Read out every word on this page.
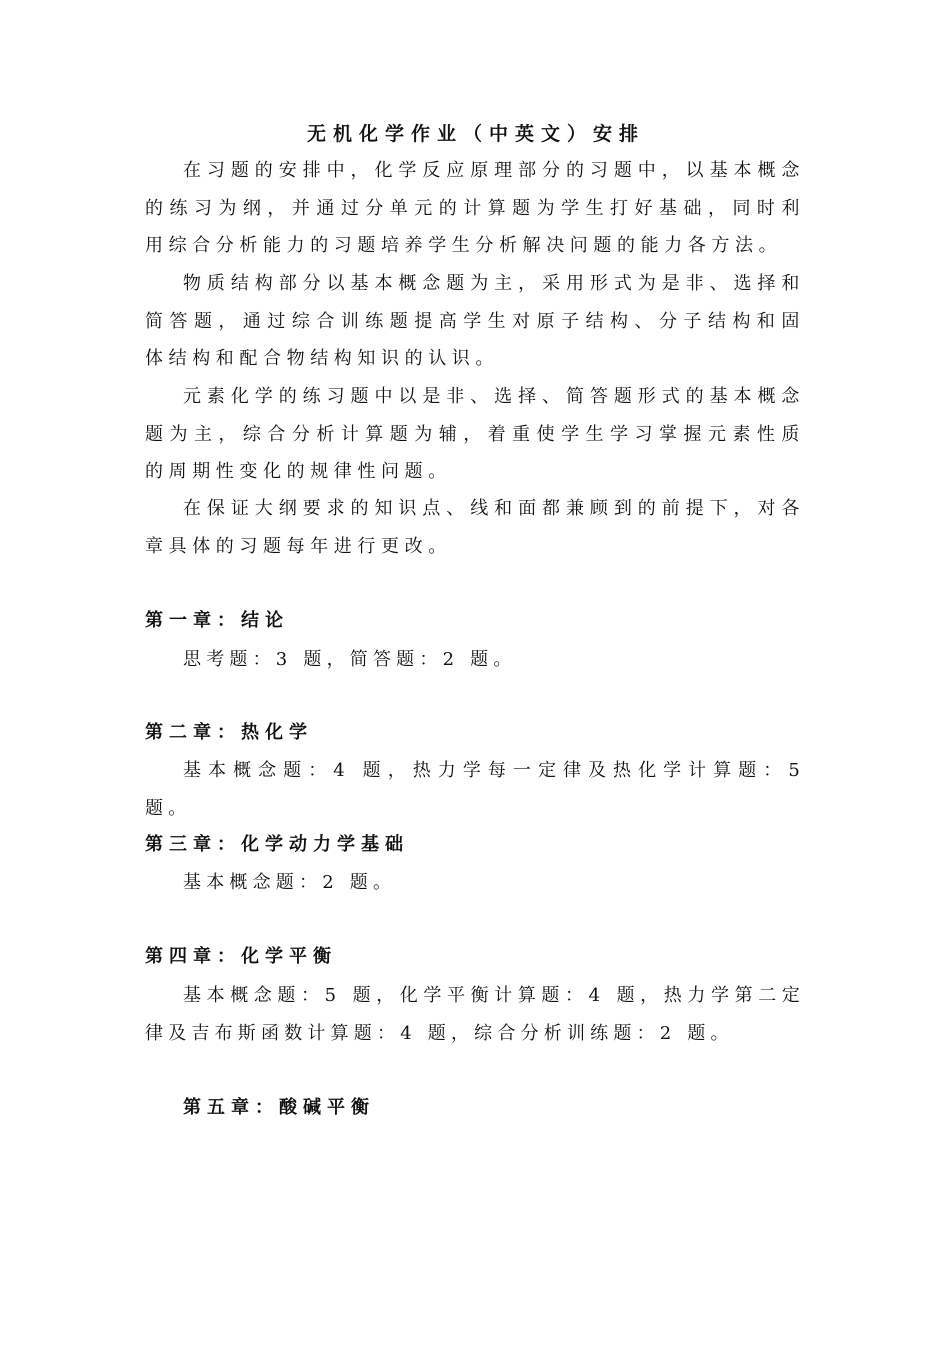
无机化学作业（中英文）安排

在习题的安排中，化学反应原理部分的习题中，以基本概念的练习为纲，并通过分单元的计算题为学生打好基础，同时利用综合分析能力的习题培养学生分析解决问题的能力各方法。

物质结构部分以基本概念题为主，采用形式为是非、选择和简答题，通过综合训练题提高学生对原子结构、分子结构和固体结构和配合物结构知识的认识。

元素化学的练习题中以是非、选择、简答题形式的基本概念题为主，综合分析计算题为辅，着重使学生学习掌握元素性质的周期性变化的规律性问题。

在保证大纲要求的知识点、线和面都兼顾到的前提下，对各章具体的习题每年进行更改。

第一章：结论

思考题：3 题，简答题：2 题。

第二章：热化学

基本概念题：4 题，热力学每一定律及热化学计算题：5 题。

第三章：化学动力学基础

基本概念题：2 题。

第四章：化学平衡

基本概念题：5 题，化学平衡计算题：4 题，热力学第二定律及吉布斯函数计算题：4 题，综合分析训练题：2 题。

第五章：酸碱平衡
